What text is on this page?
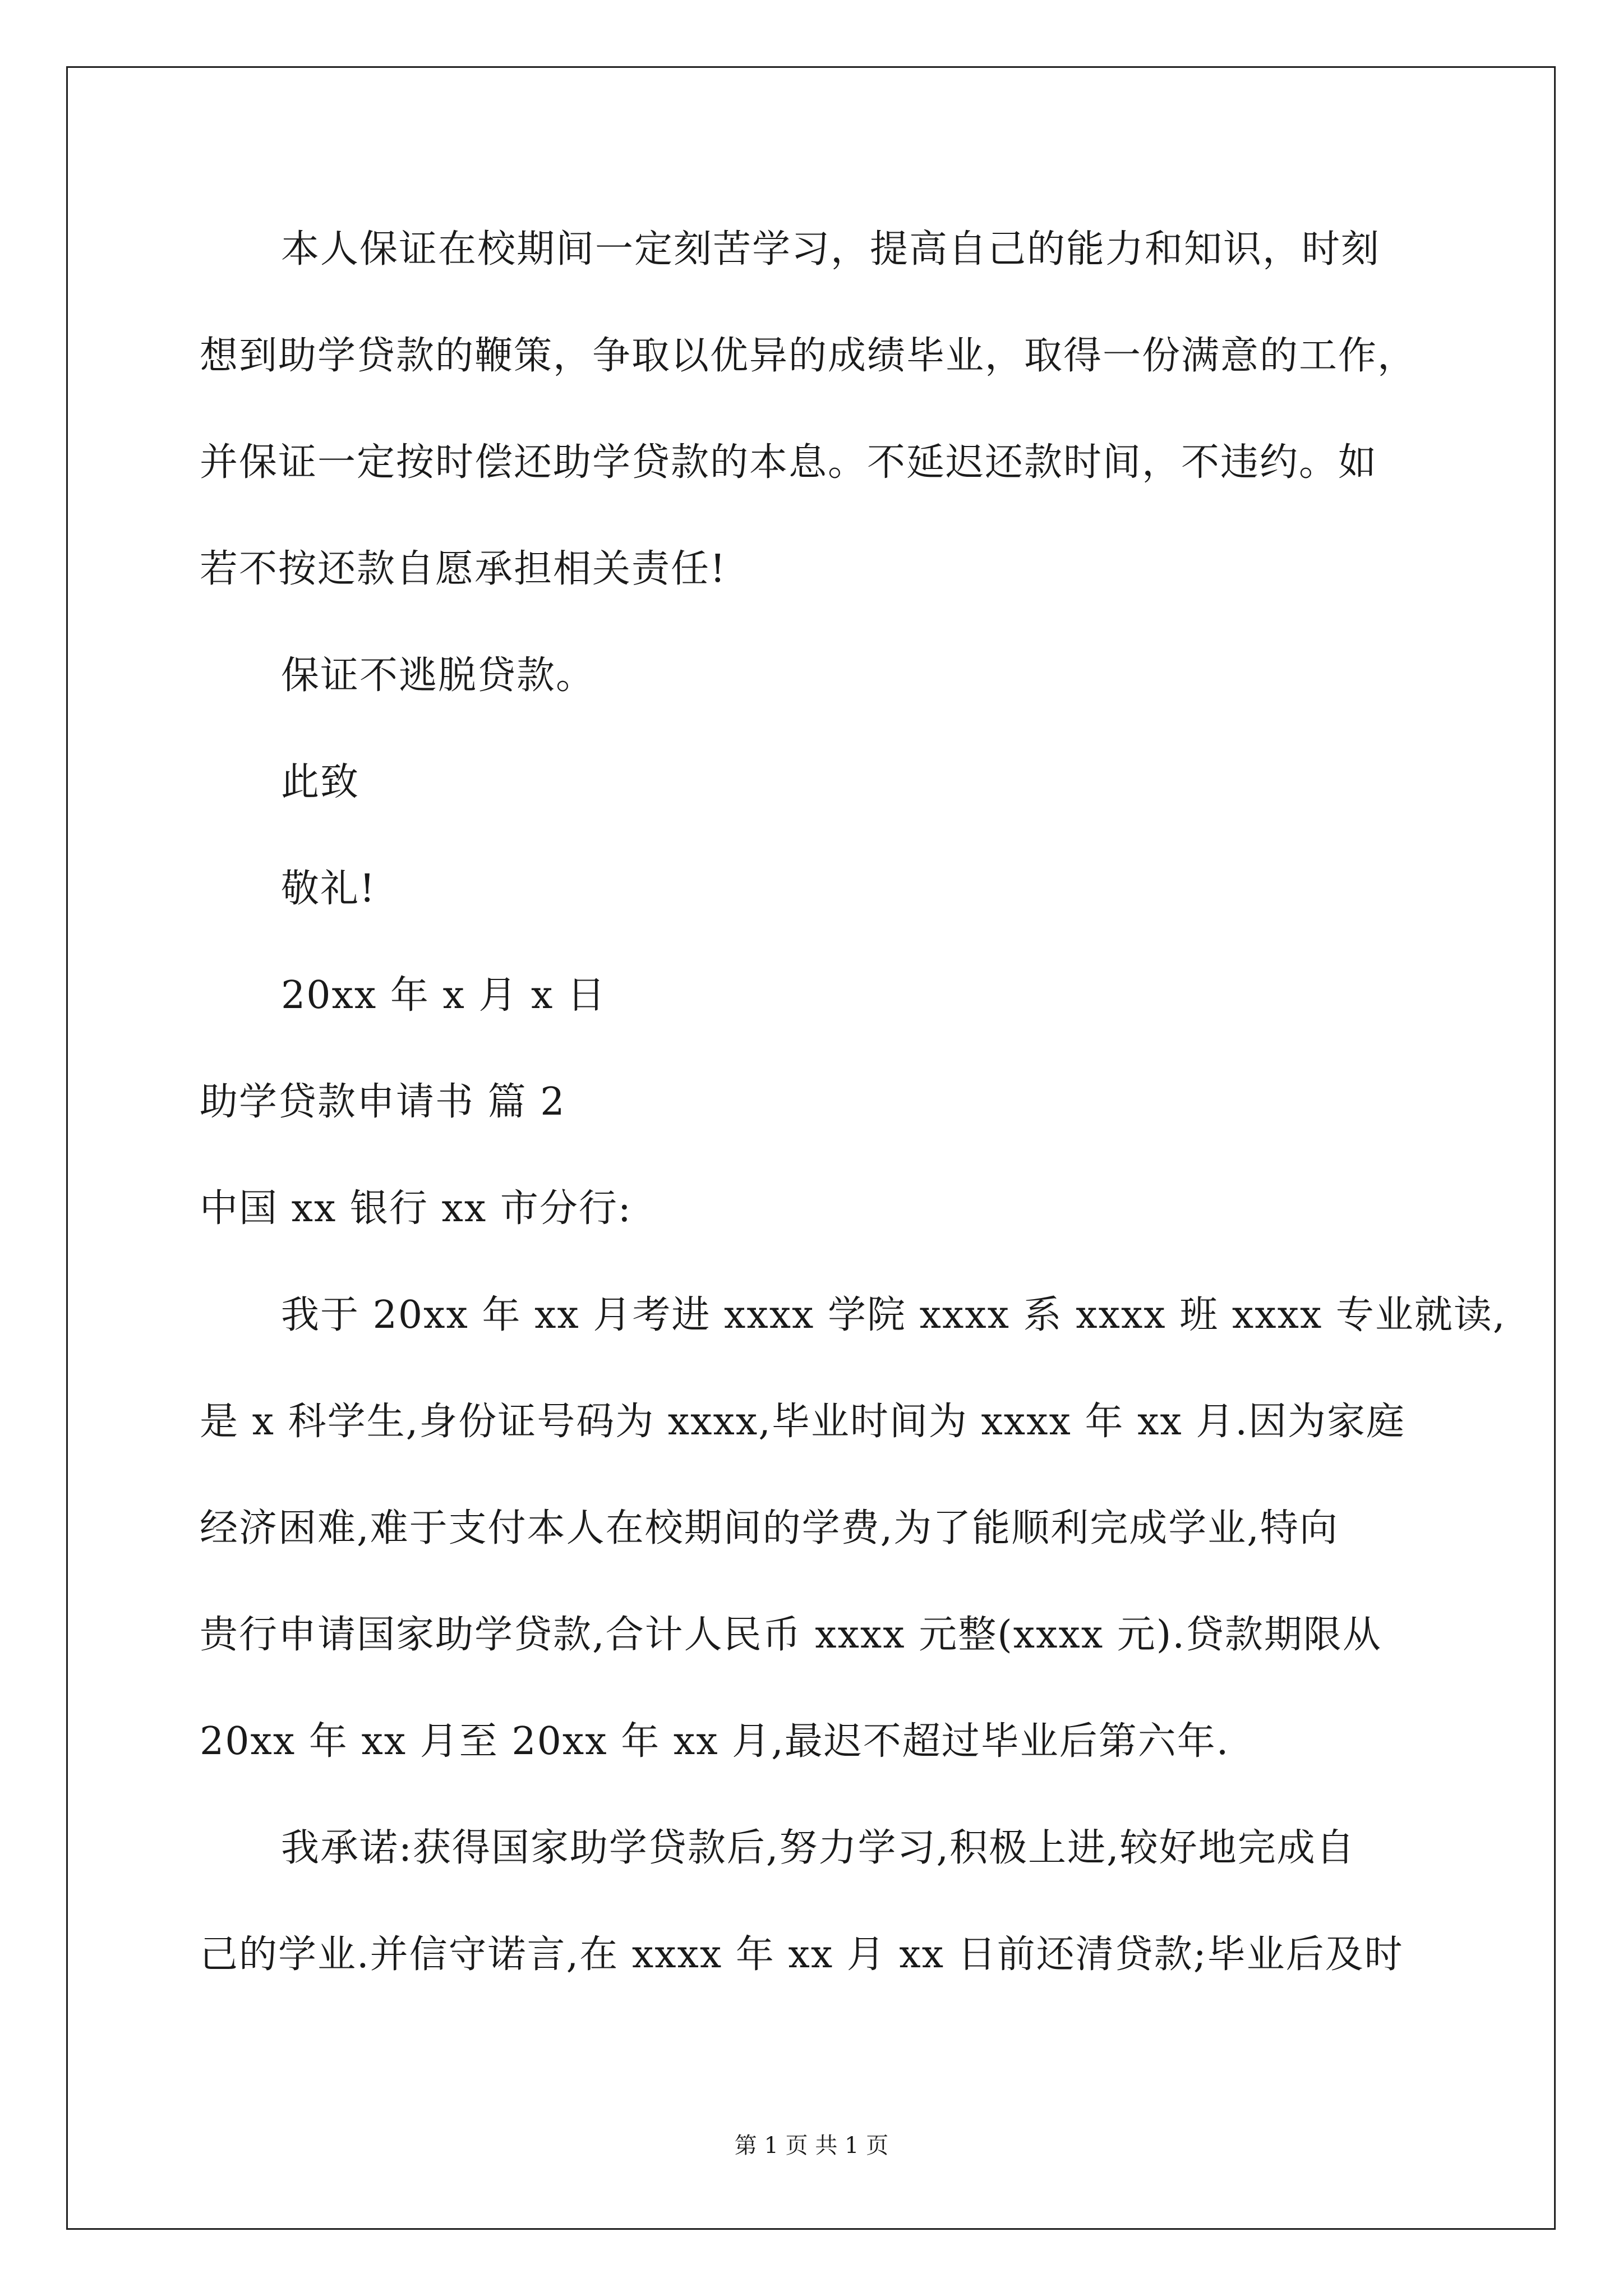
本人保证在校期间一定刻苦学习，提高自己的能力和知识，时刻
想到助学贷款的鞭策，争取以优异的成绩毕业，取得一份满意的工作，
并保证一定按时偿还助学贷款的本息。不延迟还款时间，不违约。如
若不按还款自愿承担相关责任!
保证不逃脱贷款。
此致
敬礼!
20xx 年 x 月 x 日
助学贷款申请书 篇 2
中国 xx 银行 xx 市分行:
我于 20xx 年 xx 月考进 xxxx 学院 xxxx 系 xxxx 班 xxxx 专业就读,
是 x 科学生,身份证号码为 xxxx,毕业时间为 xxxx 年 xx 月.因为家庭
经济困难,难于支付本人在校期间的学费,为了能顺利完成学业,特向
贵行申请国家助学贷款,合计人民币 xxxx 元整(xxxx 元).贷款期限从
20xx 年 xx 月至 20xx 年 xx 月,最迟不超过毕业后第六年.
我承诺:获得国家助学贷款后,努力学习,积极上进,较好地完成自
己的学业.并信守诺言,在 xxxx 年 xx 月 xx 日前还清贷款;毕业后及时
第 1 页 共 1 页
